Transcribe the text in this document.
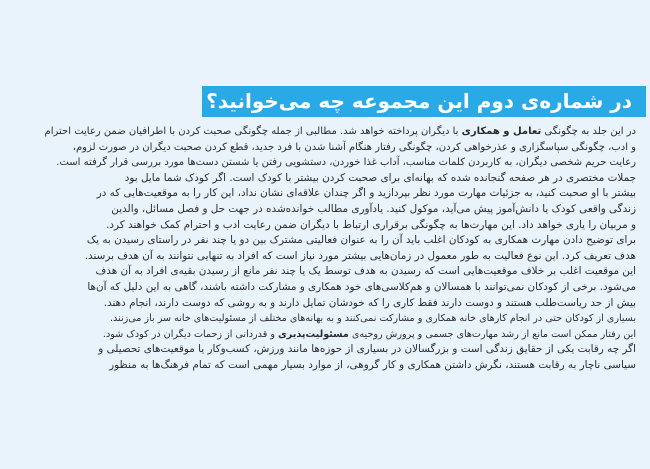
در شماره‌ی دوم این مجموعه چه می‌خوانید؟
در این جلد به چگونگی تعامل و همکاری با دیگران پرداخته خواهد شد. مطالبی از جمله چگونگی صحبت کردن با اطرافیان ضمن رعایت احترام
و ادب، چگونگی سپاسگزاری و عذرخواهی کردن، چگونگی رفتار هنگام آشنا شدن با فرد جدید، قطع کردن صحبت دیگران در صورت لزوم،
رعایت حریم شخصی دیگران، به کاربردن کلمات مناسب، آداب غذا خوردن، دستشویی رفتن یا شستن دست‌ها مورد بررسی قرار گرفته است.
جملات مختصری در هر صفحه گنجانده شده که بهانه‌ای برای صحبت کردن بیشتر با کودک است. اگر کودک شما مایل بود
بیشتر با او صحبت کنید، به جزئیات مهارت مورد نظر بپردازید و اگر چندان علاقه‌ای نشان نداد، این کار را به موقعیت‌هایی که در
زندگی واقعی کودک یا دانش‌آموز پیش می‌آید، موکول کنید. یادآوری مطالب خوانده‌شده در جهت حل و فصل مسائل، والدین
و مربیان را یاری خواهد داد. این مهارت‌ها به چگونگی برقراری ارتباط با دیگران ضمن رعایت ادب و احترام کمک خواهند کرد.
برای توضیح دادن مهارت همکاری به کودکان اغلب باید آن را به عنوان فعالیتی مشترک بین دو یا چند نفر در راستای رسیدن به یک
هدف تعریف کرد. این نوع فعالیت به طور معمول در زمان‌هایی بیشتر مورد نیاز است که افراد به تنهایی نتوانند به آن هدف برسند.
این موقعیت اغلب بر خلاف موقعیت‌هایی است که رسیدن به هدف توسط یک یا چند نفر مانع از رسیدن بقیه‌ی افراد به آن هدف
می‌شود. برخی از کودکان نمی‌توانند با همسالان و هم‌کلاسی‌های خود همکاری و مشارکت داشته باشند، گاهی به این دلیل که آن‌ها
بیش از حد ریاست‌طلب هستند و دوست دارند فقط کاری را که خودشان تمایل دارند و به روشی که دوست دارند، انجام دهند.
بسیاری از کودکان حتی در انجام کارهای خانه همکاری و مشارکت نمی‌کنند و به بهانه‌های مختلف از مسئولیت‌های خانه سر باز می‌زنند.
این رفتار ممکن است مانع از رشد مهارت‌های جسمی و پرورش روحیه‌ی مسئولیت‌پذیری و قدردانی از زحمات دیگران در کودک شود.
اگر چه رقابت یکی از حقایق زندگی است و بزرگسالان در بسیاری از حوزه‌ها مانند ورزش، کسب‌وکار یا موقعیت‌های تحصیلی و
سیاسی ناچار به رقابت هستند، نگرش داشتن همکاری و کار گروهی، از موارد بسیار مهمی است که تمام فرهنگ‌ها به منظور
